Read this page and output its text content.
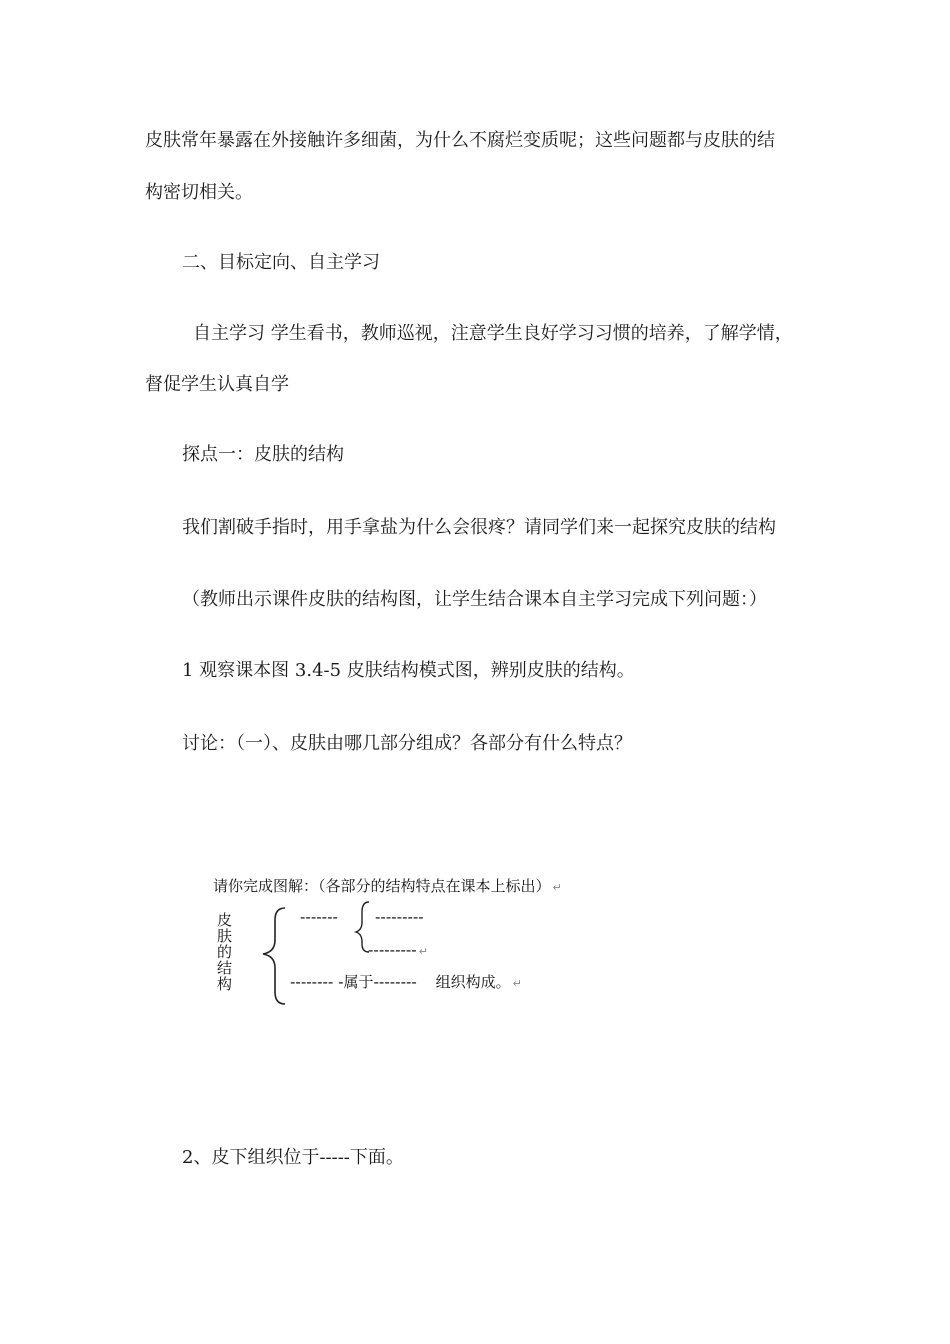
皮肤常年暴露在外接触许多细菌，为什么不腐烂变质呢；这些问题都与皮肤的结
构密切相关。
二、目标定向、自主学习
自主学习 学生看书，教师巡视，注意学生良好学习习惯的培养，了解学情，
督促学生认真自学
探点一：皮肤的结构
我们割破手指时，用手拿盐为什么会很疼？请同学们来一起探究皮肤的结构
（教师出示课件皮肤的结构图，让学生结合课本自主学习完成下列问题：）
1 观察课本图 3.4-5 皮肤结构模式图，辨别皮肤的结构。
讨论：（一）、皮肤由哪几部分组成？各部分有什么特点？
请你完成图解：（各部分的结构特点在课本上标出） ↵
皮肤的结构
------- ---------
--------- ↵
-------- -属于-------- 组织构成。 ↵
2、皮下组织位于-----下面。
